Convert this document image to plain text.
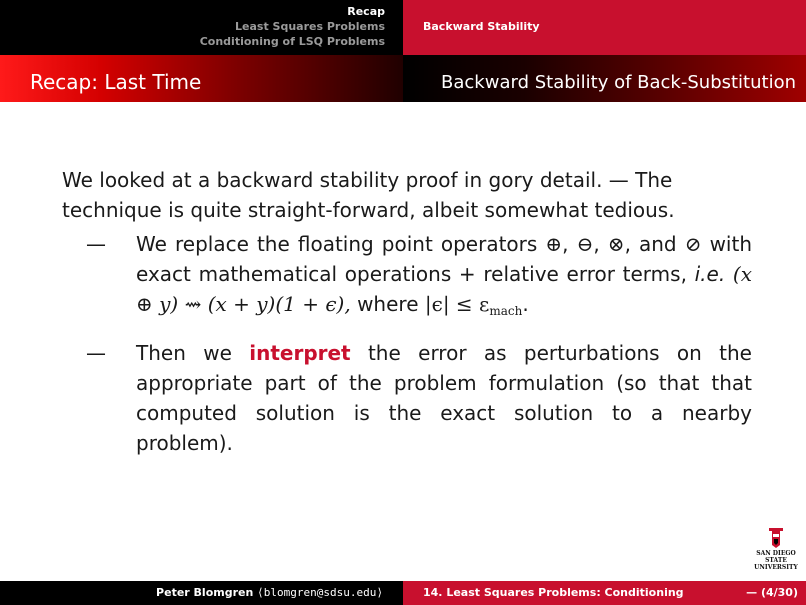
Recap
Least Squares Problems
Conditioning of LSQ Problems
Backward Stability
Recap: Last Time	Backward Stability of Back-Substitution

We looked at a backward stability proof in gory detail. — The technique is quite straight-forward, albeit somewhat tedious.

— We replace the floating point operators ⊕, ⊖, ⊗, and ⊘ with exact mathematical operations + relative error terms, i.e. (x ⊕ y) ⇝ (x + y)(1 + ϵ), where $|\epsilon| \le \varepsilon_{mach}$.
— Then we interpret the error as perturbations on the appropriate part of the problem formulation (so that that computed solution is the exact solution to a nearby problem).
SAN DIEGO STATE
UNIVERSITY
Peter Blomgren ⟨blomgren@sdsu.edu⟩	14. Least Squares Problems: Conditioning	— (4/30)
